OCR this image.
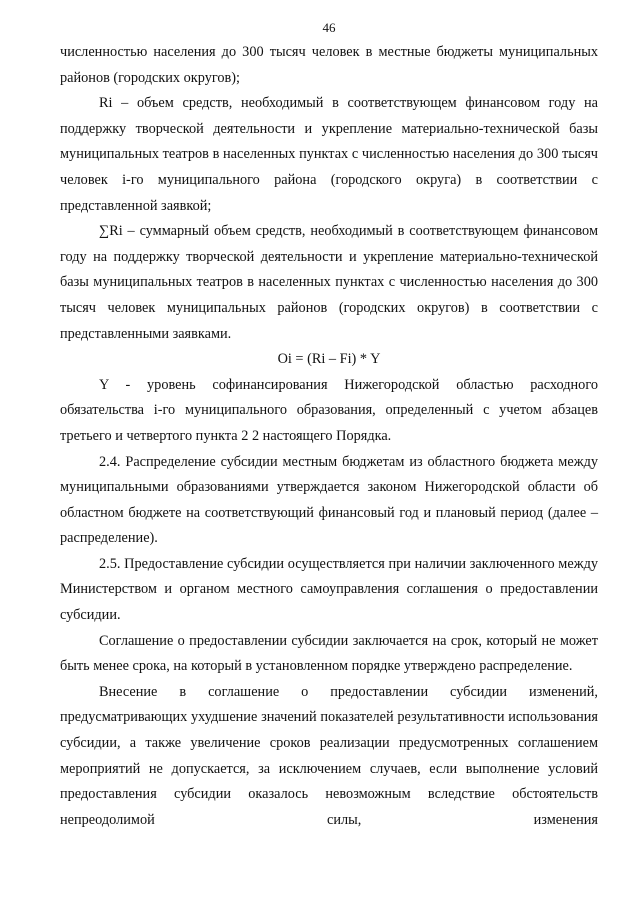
46

численностью населения до 300 тысяч человек в местные бюджеты муниципальных районов (городских округов);

Ri – объем средств, необходимый в соответствующем финансовом году на поддержку творческой деятельности и укрепление материально-технической базы муниципальных театров в населенных пунктах с численностью населения до 300 тысяч человек i-го муниципального района (городского округа) в соответствии с представленной заявкой;

∑Ri – суммарный объем средств, необходимый в соответствующем финансовом году на поддержку творческой деятельности и укрепление материально-технической базы муниципальных театров в населенных пунктах с численностью населения до 300 тысяч человек муниципальных районов (городских округов) в соответствии с представленными заявками.

Oi = (Ri – Fi) * Y

Y - уровень софинансирования Нижегородской областью расходного обязательства i-го муниципального образования, определенный с учетом абзацев третьего и четвертого пункта 2 2 настоящего Порядка.

2.4. Распределение субсидии местным бюджетам из областного бюджета между муниципальными образованиями утверждается законом Нижегородской области об областном бюджете на соответствующий финансовый год и плановый период (далее – распределение).

2.5. Предоставление субсидии осуществляется при наличии заключенного между Министерством и органом местного самоуправления соглашения о предоставлении субсидии.

Соглашение о предоставлении субсидии заключается на срок, который не может быть менее срока, на который в установленном порядке утверждено распределение.

Внесение в соглашение о предоставлении субсидии изменений, предусматривающих ухудшение значений показателей результативности использования субсидии, а также увеличение сроков реализации предусмотренных соглашением мероприятий не допускается, за исключением случаев, если выполнение условий предоставления субсидии оказалось невозможным вследствие обстоятельств непреодолимой силы, изменения
